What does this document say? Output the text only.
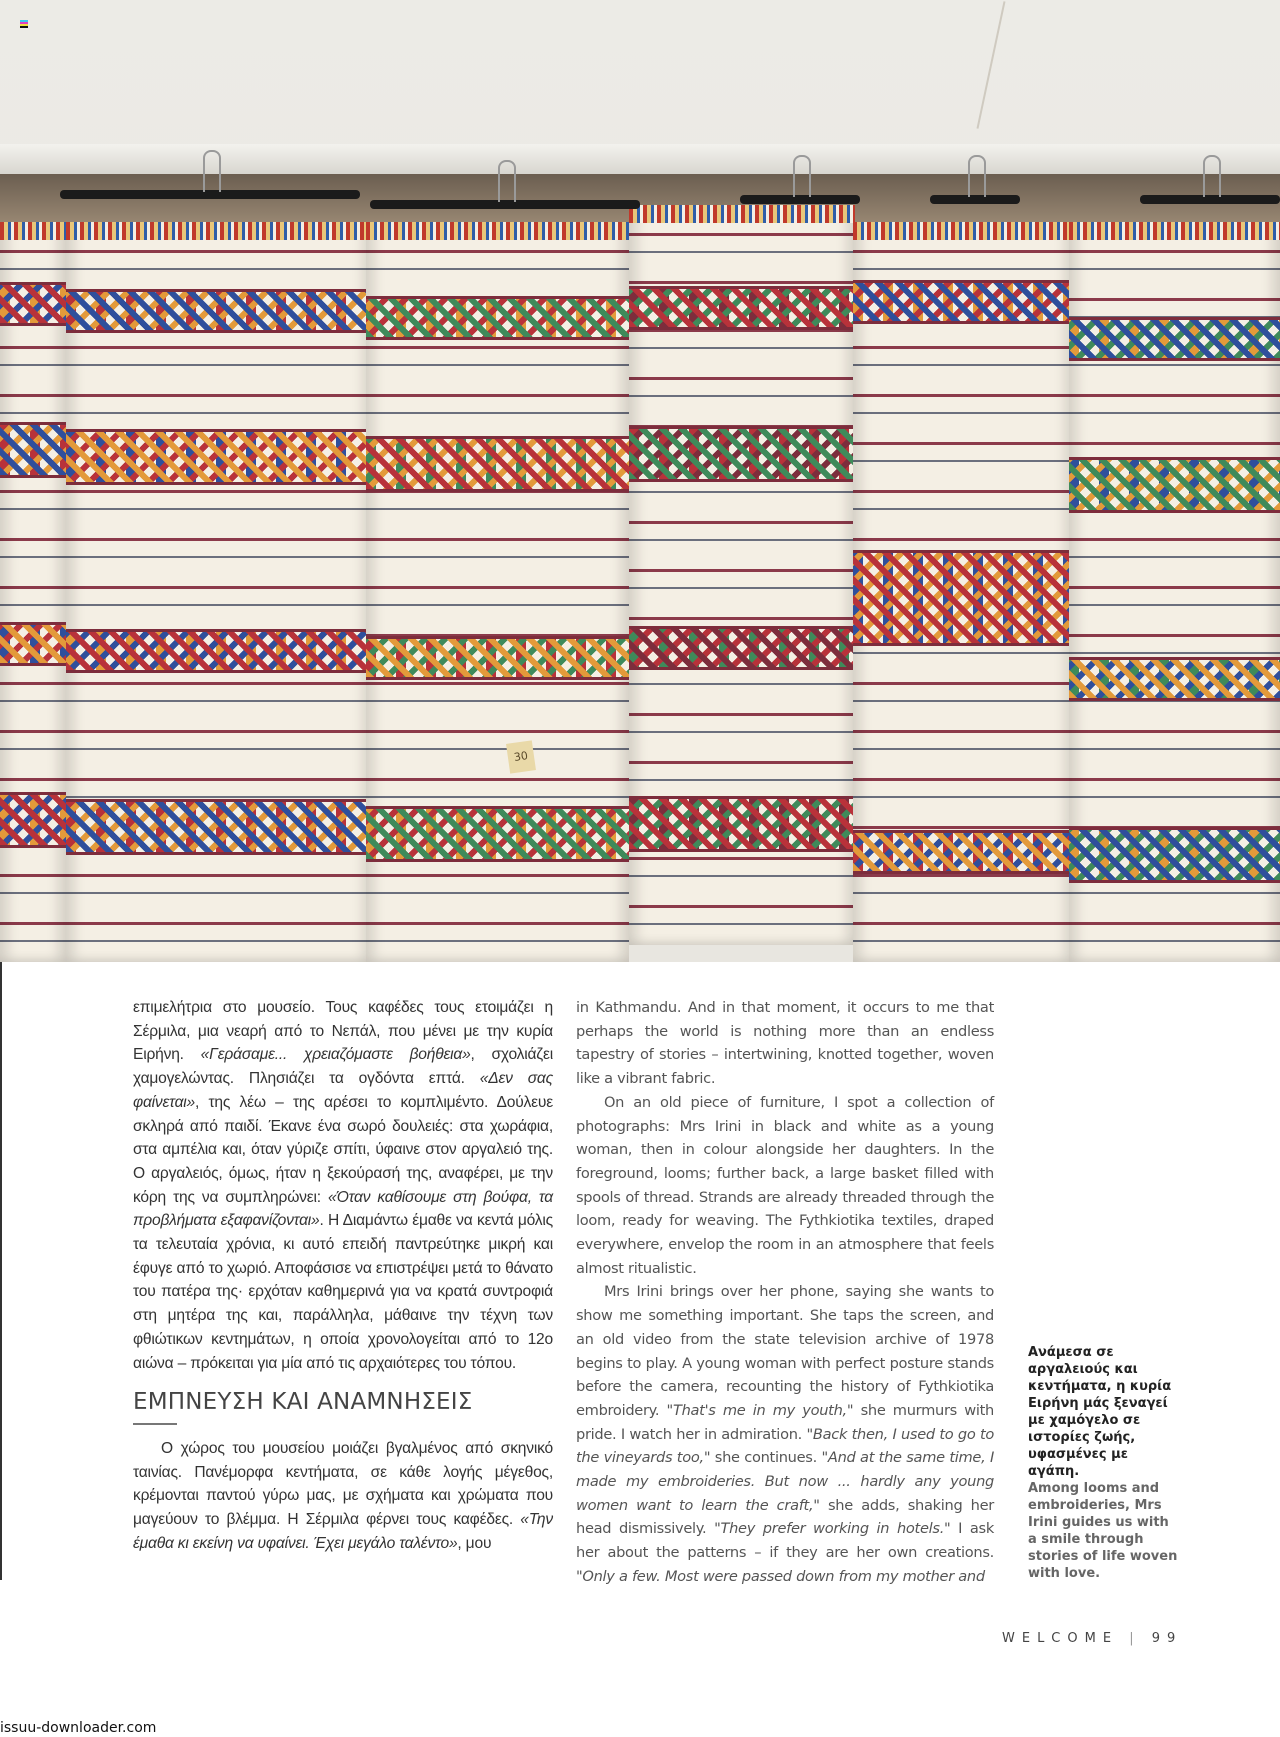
30

επιμελήτρια στο μουσείο. Τους καφέδες τους ετοιμάζει η Σέρμιλα, μια νεαρή από το Νεπάλ, που μένει με την κυρία Ειρήνη. «Γεράσαμε... χρειαζόμαστε βοήθεια», σχολιάζει χαμογελώντας. Πλησιάζει τα ογδόντα επτά. «Δεν σας φαίνεται», της λέω – της αρέσει το κομπλιμέντο. Δούλευε σκληρά από παιδί. Έκανε ένα σωρό δουλειές: στα χωράφια, στα αμπέλια και, όταν γύριζε σπίτι, ύφαινε στον αργαλειό της. Ο αργαλειός, όμως, ήταν η ξεκούρασή της, αναφέρει, με την κόρη της να συμπληρώνει: «Όταν καθίσουμε στη βούφα, τα προβλήματα εξαφανίζονται». Η Διαμάντω έμαθε να κεντά μόλις τα τελευταία χρόνια, κι αυτό επειδή παντρεύτηκε μικρή και έφυγε από το χωριό. Αποφάσισε να επιστρέψει μετά το θάνατο του πατέρα της· ερχόταν καθημερινά για να κρατά συντροφιά στη μητέρα της και, παράλληλα, μάθαινε την τέχνη των φθιώτικων κεντημάτων, η οποία χρονολογείται από το 12ο αιώνα – πρόκειται για μία από τις αρχαιότερες του τόπου.

ΕΜΠΝΕΥΣΗ ΚΑΙ ΑΝΑΜΝΗΣΕΙΣ

Ο χώρος του μουσείου μοιάζει βγαλμένος από σκηνικό ταινίας. Πανέμορφα κεντήματα, σε κάθε λογής μέγεθος, κρέμονται παντού γύρω μας, με σχήματα και χρώματα που μαγεύουν το βλέμμα. Η Σέρμιλα φέρνει τους καφέδες. «Την έμαθα κι εκείνη να υφαίνει. Έχει μεγάλο ταλέντο», μου

in Kathmandu. And in that moment, it occurs to me that perhaps the world is nothing more than an endless tapestry of stories – intertwining, knotted together, woven like a vibrant fabric.

On an old piece of furniture, I spot a collection of photographs: Mrs Irini in black and white as a young woman, then in colour alongside her daughters. In the foreground, looms; further back, a large basket filled with spools of thread. Strands are already threaded through the loom, ready for weaving. The Fythkiotika textiles, draped everywhere, envelop the room in an atmosphere that feels almost ritualistic.

Mrs Irini brings over her phone, saying she wants to show me something important. She taps the screen, and an old video from the state television archive of 1978 begins to play. A young woman with perfect posture stands before the camera, recounting the history of Fythkiotika embroidery. "That's me in my youth," she murmurs with pride. I watch her in admiration. "Back then, I used to go to the vineyards too," she continues. "And at the same time, I made my embroideries. But now ... hardly any young women want to learn the craft," she adds, shaking her head dismissively. "They prefer working in hotels." I ask her about the patterns – if they are her own creations. "Only a few. Most were passed down from my mother and

Ανάμεσα σε αργαλειούς και κεντήματα, η κυρία Ειρήνη μάς ξεναγεί με χαμόγελο σε ιστορίες ζωής, υφασμένες με αγάπη.
Among looms and embroideries, Mrs Irini guides us with a smile through stories of life woven with love.
WELCOME | 99
issuu-downloader.com
